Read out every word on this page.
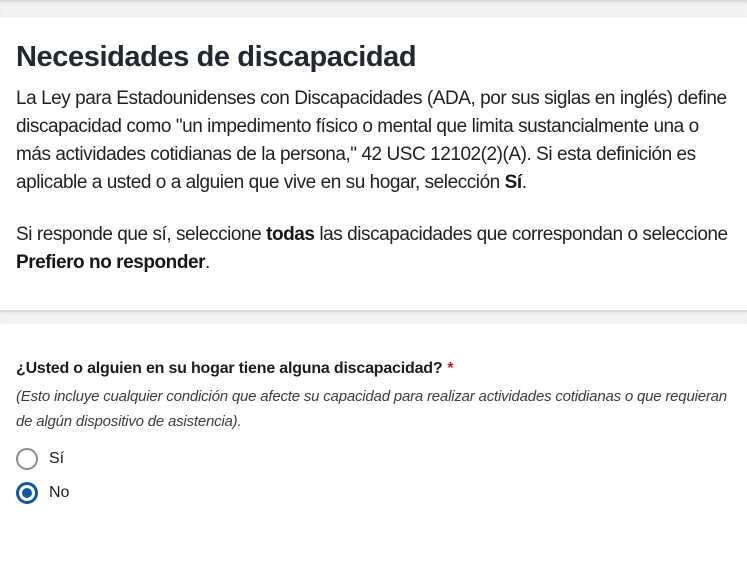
Necesidades de discapacidad

La Ley para Estadounidenses con Discapacidades (ADA, por sus siglas en inglés) define discapacidad como "un impedimento físico o mental que limita sustancialmente una o más actividades cotidianas de la persona," 42 USC 12102(2)(A). Si esta definición es aplicable a usted o a alguien que vive en su hogar, selección Sí.

Si responde que sí, seleccione todas las discapacidades que correspondan o seleccione Prefiero no responder.

¿Usted o alguien en su hogar tiene alguna discapacidad? *

(Esto incluye cualquier condición que afecte su capacidad para realizar actividades cotidianas o que requieran de algún dispositivo de asistencia).

Sí
No
